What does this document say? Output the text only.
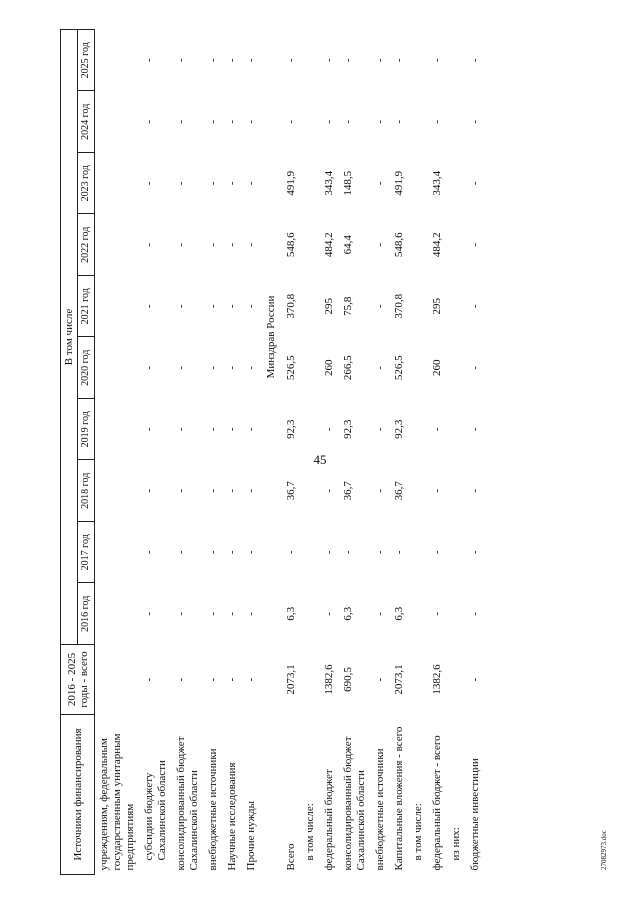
45
Источники финансирования	2016 - 2025 годы - всего	В том числе									
		2016 год	2017 год	2018 год	2019 год	2020 год	2021 год	2022 год	2023 год	2024 год	2025 год
учреждениям, федеральным государственным унитарным предприятиям											
субсидии бюджету Сахалинской области	-	-	-	-	-	-	-	-	-	-	-
консолидированный бюджет Сахалинской области	-	-	-	-	-	-	-	-	-	-	-
внебюджетные источники	-	-	-	-	-	-	-	-	-	-	-
Научные исследования	-	-	-	-	-	-	-	-	-	-	-
Прочие нужды	-	-	-	-	-	-	-	-	-	-	-
		Минздрав России									
Всего	2073,1	6,3	-	36,7	92,3	526,5	370,8	548,6	491,9	-	-
в том числе:											
федеральный бюджет	1382,6	-	-	-	-	260	295	484,2	343,4	-	-
консолидированный бюджет Сахалинской области	690,5	6,3	-	36,7	92,3	266,5	75,8	64,4	148,5	-	-
внебюджетные источники	-	-	-	-	-	-	-	-	-	-	-
Капитальные вложения - всего	2073,1	6,3	-	36,7	92,3	526,5	370,8	548,6	491,9	-	-
в том числе:											
федеральный бюджет - всего	1382,6	-	-	-	-	260	295	484,2	343,4	-	-
из них:											
бюджетные инвестиции	-	-	-	-	-	-	-	-	-	-	-
27082973.doc
